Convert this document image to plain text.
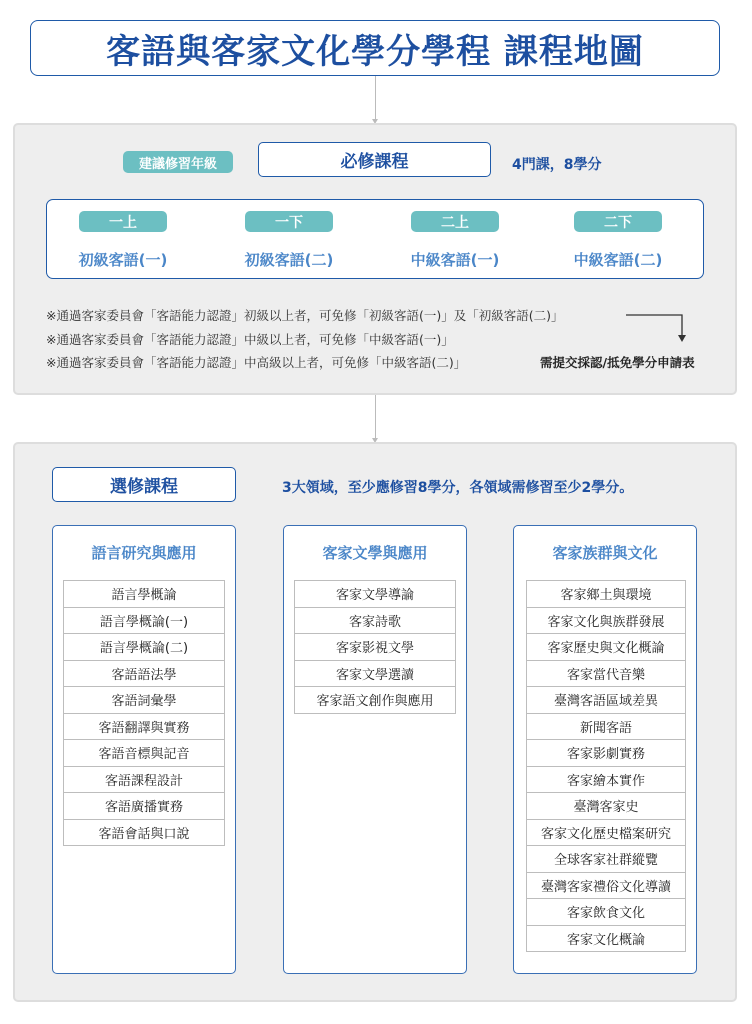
客語與客家文化學分學程 課程地圖
建議修習年級	必修課程	4門課，8學分
一上
初級客語(一)
一下
初級客語(二)
二上
中級客語(一)
二下
中級客語(二)
※通過客家委員會「客語能力認證」初級以上者，可免修「初級客語(一)」及「初級客語(二)」
※通過客家委員會「客語能力認證」中級以上者，可免修「中級客語(一)」
※通過客家委員會「客語能力認證」中高級以上者，可免修「中級客語(二)」	需提交採認/抵免學分申請表
選修課程	3大領域，至少應修習8學分，各領域需修習至少2學分。
語言研究與應用
語言學概論
語言學概論(一)
語言學概論(二)
客語語法學
客語詞彙學
客語翻譯與實務
客語音標與記音
客語課程設計
客語廣播實務
客語會話與口說
客家文學與應用
客家文學導論
客家詩歌
客家影視文學
客家文學選讀
客家語文創作與應用
客家族群與文化
客家鄉土與環境
客家文化與族群發展
客家歷史與文化概論
客家當代音樂
臺灣客語區域差異
新聞客語
客家影劇實務
客家繪本實作
臺灣客家史
客家文化歷史檔案研究
全球客家社群縱覽
臺灣客家禮俗文化導讀
客家飲食文化
客家文化概論
